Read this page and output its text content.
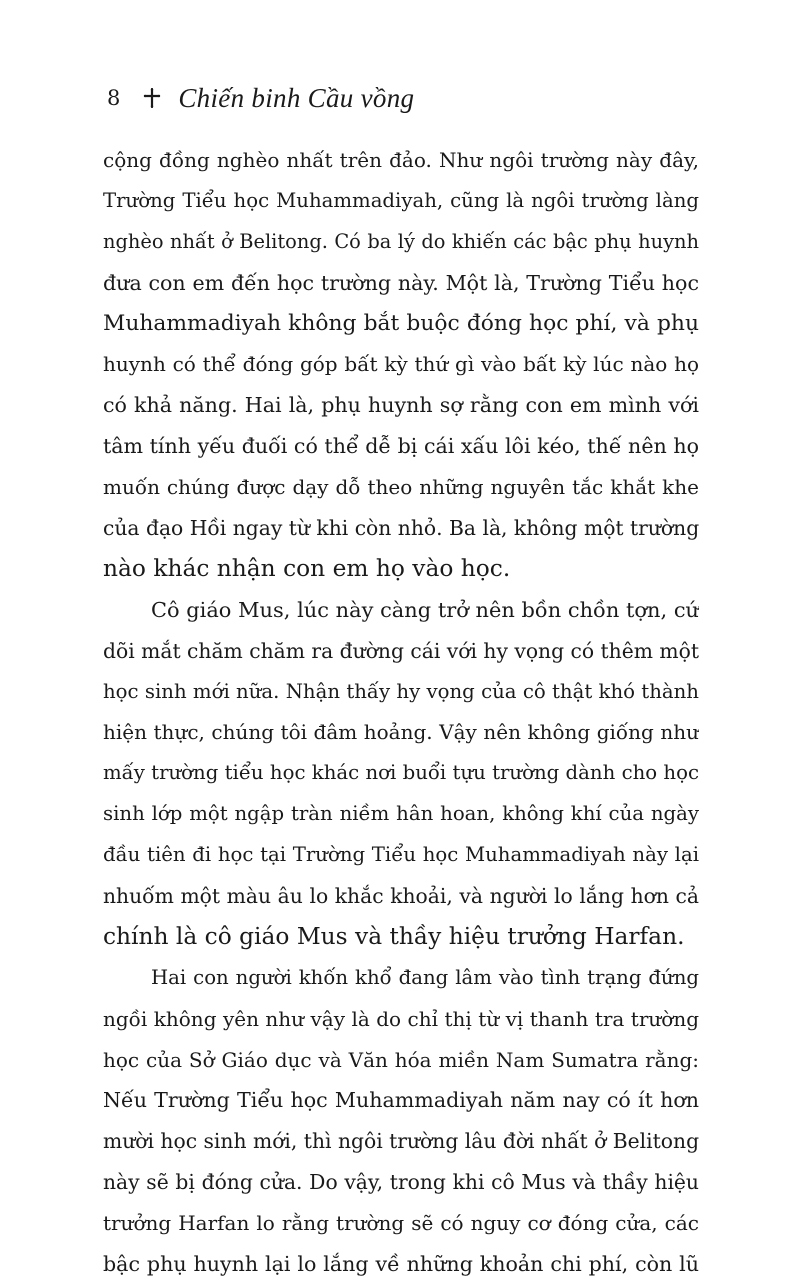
8 Chiến binh Cầu vồng
cộng đồng nghèo nhất trên đảo. Như ngôi trường này đây,
Trường Tiểu học Muhammadiyah, cũng là ngôi trường làng
nghèo nhất ở Belitong. Có ba lý do khiến các bậc phụ huynh
đưa con em đến học trường này. Một là, Trường Tiểu học
Muhammadiyah không bắt buộc đóng học phí, và phụ
huynh có thể đóng góp bất kỳ thứ gì vào bất kỳ lúc nào họ
có khả năng. Hai là, phụ huynh sợ rằng con em mình với
tâm tính yếu đuối có thể dễ bị cái xấu lôi kéo, thế nên họ
muốn chúng được dạy dỗ theo những nguyên tắc khắt khe
của đạo Hồi ngay từ khi còn nhỏ. Ba là, không một trường
nào khác nhận con em họ vào học.
Cô giáo Mus, lúc này càng trở nên bồn chồn tợn, cứ
dõi mắt chăm chăm ra đường cái với hy vọng có thêm một
học sinh mới nữa. Nhận thấy hy vọng của cô thật khó thành
hiện thực, chúng tôi đâm hoảng. Vậy nên không giống như
mấy trường tiểu học khác nơi buổi tựu trường dành cho học
sinh lớp một ngập tràn niềm hân hoan, không khí của ngày
đầu tiên đi học tại Trường Tiểu học Muhammadiyah này lại
nhuốm một màu âu lo khắc khoải, và người lo lắng hơn cả
chính là cô giáo Mus và thầy hiệu trưởng Harfan.
Hai con người khốn khổ đang lâm vào tình trạng đứng
ngồi không yên như vậy là do chỉ thị từ vị thanh tra trường
học của Sở Giáo dục và Văn hóa miền Nam Sumatra rằng:
Nếu Trường Tiểu học Muhammadiyah năm nay có ít hơn
mười học sinh mới, thì ngôi trường lâu đời nhất ở Belitong
này sẽ bị đóng cửa. Do vậy, trong khi cô Mus và thầy hiệu
trưởng Harfan lo rằng trường sẽ có nguy cơ đóng cửa, các
bậc phụ huynh lại lo lắng về những khoản chi phí, còn lũ
